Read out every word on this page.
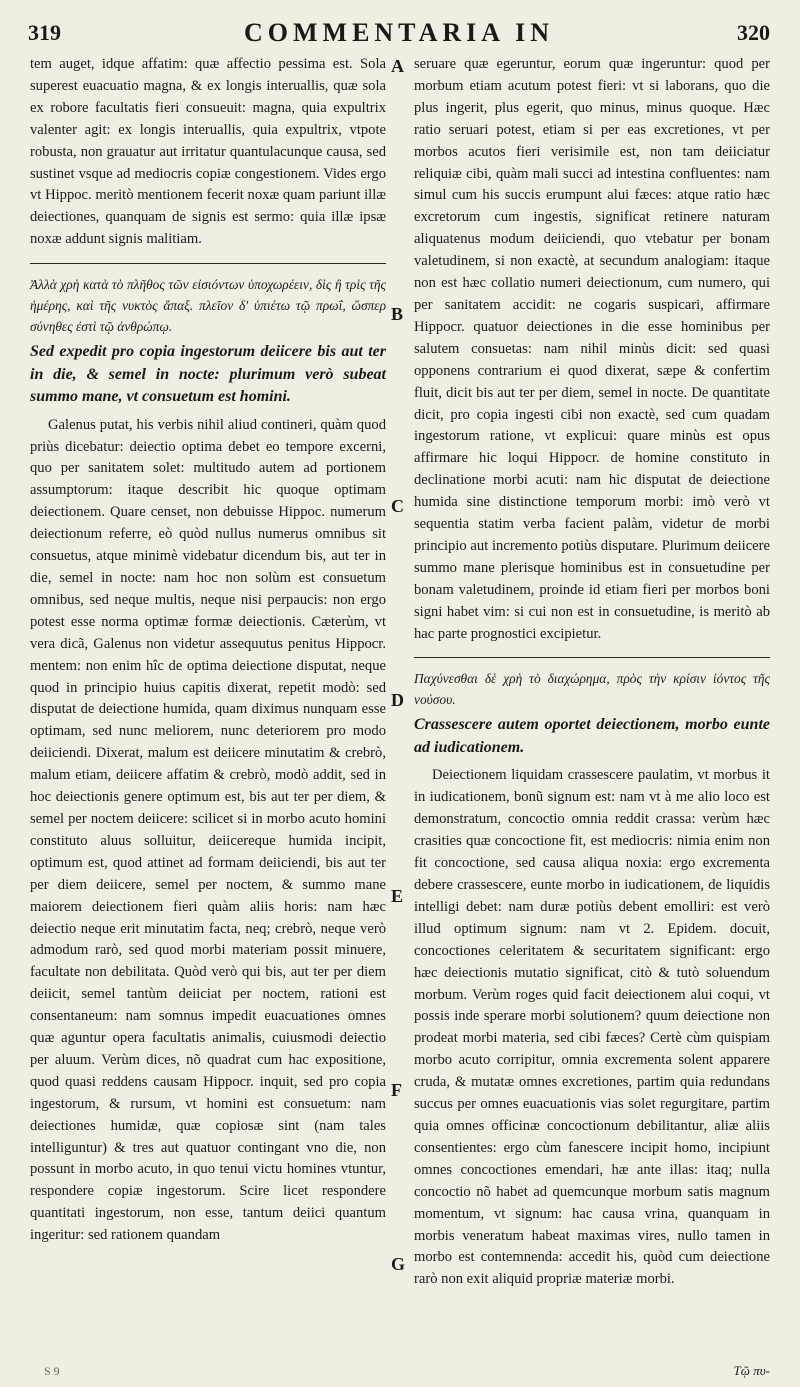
319	COMMENTARIA IN	320

tem auget, idque affatim: quæ affectio pessima est. Sola superest euacuatio magna, & ex longis interuallis, quæ sola ex robore facultatis fieri consueuit: magna, quia expultrix valenter agit: ex longis interuallis, quia expultrix, vtpote robusta, non grauatur aut irritatur quantulacunque causa, sed sustinet vsque ad mediocris copiæ congestionem. Vides ergo vt Hippoc. meritò mentionem fecerit noxæ quam pariunt illæ deiectiones, quanquam de signis est sermo: quia illæ ipsæ noxæ addunt signis malitiam.

Ἀλλὰ χρὴ κατὰ τὸ πλῆθος τῶν εἰσιόντων ὑποχωρέειν, δὶς ἢ τρὶς τῆς ἡμέρης, καὶ τῆς νυκτὸς ἅπαξ. πλεῖον δ' ὑπιέτω τῷ πρωΐ, ὥσπερ σύνηθες ἐστὶ τῷ ἀνθρώπῳ.

Sed expedit pro copia ingestorum deiicere bis aut ter in die, & semel in nocte: plurimum verò subeat summo mane, vt consuetum est homini.

Galenus putat, his verbis nihil aliud contineri, quàm quod priùs dicebatur: deiectio optima debet eo tempore excerni, quo per sanitatem solet: multitudo autem ad portionem assumptorum: itaque describit hic quoque optimam deiectionem. Quare censet, non debuisse Hippoc. numerum deiectionum referre, eò quòd nullus numerus omnibus sit consuetus, atque minimè videbatur dicendum bis, aut ter in die, semel in nocte: nam hoc non solùm est consuetum omnibus, sed neque multis, neque nisi perpaucis: non ergo potest esse norma optimæ formæ deiectionis. Cæterùm, vt vera dicã, Galenus non videtur assequutus penitus Hippocr. mentem: non enim hîc de optima deiectione disputat, neque quod in principio huius capitis dixerat, repetit modò: sed disputat de deiectione humida, quam diximus nunquam esse optimam, sed nunc meliorem, nunc deteriorem pro modo deiiciendi. Dixerat, malum est deiicere minutatim & crebrò, malum etiam, deiicere affatim & crebrò, modò addit, sed in hoc deiectionis genere optimum est, bis aut ter per diem, & semel per noctem deiicere: scilicet si in morbo acuto homini constituto aluus solluitur, deiicereque humida incipit, optimum est, quod attinet ad formam deiiciendi, bis aut ter per diem deiicere, semel per noctem, & summo mane maiorem deiectionem fieri quàm aliis horis: nam hæc deiectio neque erit minutatim facta, neq; crebrò, neque verò admodum rarò, sed quod morbi materiam possit minuere, facultate non debilitata. Quòd verò qui bis, aut ter per diem deiicit, semel tantùm deiiciat per noctem, rationi est consentaneum: nam somnus impedit euacuationes omnes quæ aguntur opera facultatis animalis, cuiusmodi deiectio per aluum. Verùm dices, nõ quadrat cum hac expositione, quod quasi reddens causam Hippocr. inquit, sed pro copia ingestorum, & rursum, vt homini est consuetum: nam deiectiones humidæ, quæ copiosæ sint (nam tales intelliguntur) & tres aut quatuor contingant vno die, non possunt in morbo acuto, in quo tenui victu homines vtuntur, respondere copiæ ingestorum. Scire licet respondere quantitati ingestorum, non esse, tantum deiici quantum ingeritur: sed rationem quandam

A
B
C
D
E
F
G

seruare quæ egeruntur, eorum quæ ingeruntur: quod per morbum etiam acutum potest fieri: vt si laborans, quo die plus ingerit, plus egerit, quo minus, minus quoque. Hæc ratio seruari potest, etiam si per eas excretiones, vt per morbos acutos fieri verisimile est, non tam deiiciatur reliquiæ cibi, quàm mali succi ad intestina confluentes: nam simul cum his succis erumpunt alui fæces: atque ratio hæc excretorum cum ingestis, significat retinere naturam aliquatenus modum deiiciendi, quo vtebatur per bonam valetudinem, si non exactè, at secundum analogiam: itaque non est hæc collatio numeri deiectionum, cum numero, qui per sanitatem accidit: ne cogaris suspicari, affirmare Hippocr. quatuor deiectiones in die esse hominibus per salutem consuetas: nam nihil minùs dicit: sed quasi opponens contrarium ei quod dixerat, sæpe & confertim fluit, dicit bis aut ter per diem, semel in nocte. De quantitate dicit, pro copia ingesti cibi non exactè, sed cum quadam ingestorum ratione, vt explicui: quare minùs est opus affirmare hic loqui Hippocr. de homine constituto in declinatione morbi acuti: nam hic disputat de deiectione humida sine distinctione temporum morbi: imò verò vt sequentia statim verba facient palàm, videtur de morbi principio aut incremento potiùs disputare. Plurimum deiicere summo mane plerisque hominibus est in consuetudine per bonam valetudinem, proinde id etiam fieri per morbos boni signi habet vim: si cui non est in consuetudine, is meritò ab hac parte prognostici excipietur.

Παχύνεσθαι δὲ χρὴ τὸ διαχώρημα, πρὸς τὴν κρίσιν ἰόντος τῆς νούσου.

Crassescere autem oportet deiectionem, morbo eunte ad iudicationem.

Deiectionem liquidam crassescere paulatim, vt morbus it in iudicationem, bonũ signum est: nam vt à me alio loco est demonstratum, concoctio omnia reddit crassa: verùm hæc crasities quæ concoctione fit, est mediocris: nimia enim non fit concoctione, sed causa aliqua noxia: ergo excrementa debere crassescere, eunte morbo in iudicationem, de liquidis intelligi debet: nam duræ potiùs debent emolliri: est verò illud optimum signum: nam vt 2. Epidem. docuit, concoctiones celeritatem & securitatem significant: ergo hæc deiectionis mutatio significat, citò & tutò soluendum morbum. Verùm roges quid facit deiectionem alui coqui, vt possis inde sperare morbi solutionem? quum deiectione non prodeat morbi materia, sed cibi fæces? Certè cùm quispiam morbo acuto corripitur, omnia excrementa solent apparere cruda, & mutatæ omnes excretiones, partim quia redundans succus per omnes euacuationis vias solet regurgitare, partim quia omnes officinæ concoctionum debilitantur, aliæ aliis consentientes: ergo cùm fanescere incipit homo, incipiunt omnes concoctiones emendari, hæ ante illas: itaq; nulla concoctio nõ habet ad quemcunque morbum satis magnum momentum, vt signum: hac causa vrina, quanquam in morbis veneratum habeat maximas vires, nullo tamen in morbo est contemnenda: accedit his, quòd cum deiectione rarò non exit aliquid propriæ materiæ morbi.

S 9	Τῷ πυ-
